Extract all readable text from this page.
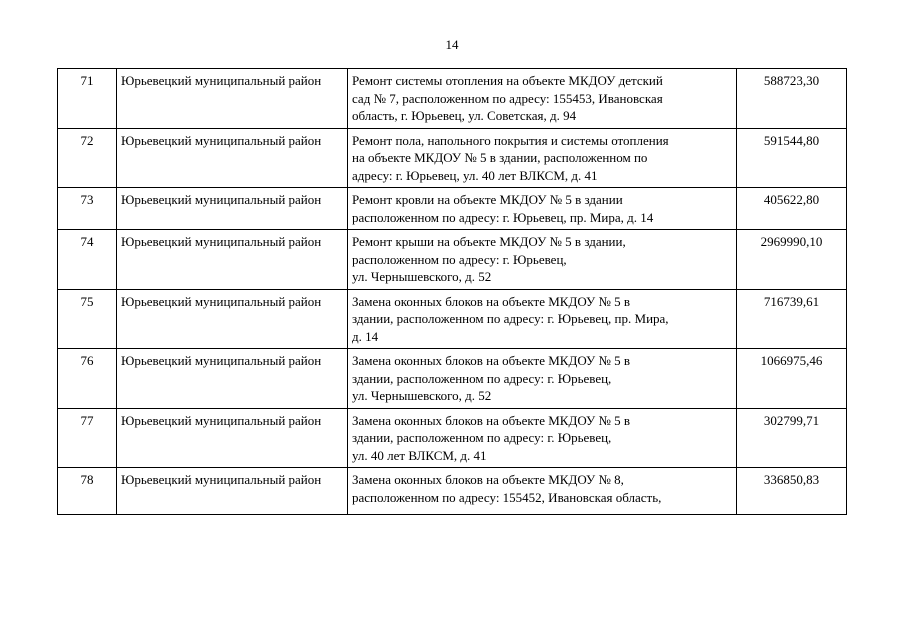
14
71	Юрьевецкий муниципальный район	Ремонт системы отопления на объекте МКДОУ детский
сад № 7, расположенном по адресу: 155453, Ивановская
область, г. Юрьевец, ул. Советская, д. 94	588723,30
72	Юрьевецкий муниципальный район	Ремонт пола, напольного покрытия и системы отопления
на объекте МКДОУ № 5 в здании, расположенном по
адресу: г. Юрьевец, ул. 40 лет ВЛКСМ, д. 41	591544,80
73	Юрьевецкий муниципальный район	Ремонт кровли на объекте МКДОУ № 5 в здании
расположенном по адресу: г. Юрьевец, пр. Мира, д. 14	405622,80
74	Юрьевецкий муниципальный район	Ремонт крыши на объекте МКДОУ № 5 в здании,
расположенном по адресу: г. Юрьевец,
ул. Чернышевского, д. 52	2969990,10
75	Юрьевецкий муниципальный район	Замена оконных блоков на объекте МКДОУ № 5 в
здании, расположенном по адресу: г. Юрьевец, пр. Мира,
д. 14	716739,61
76	Юрьевецкий муниципальный район	Замена оконных блоков на объекте МКДОУ № 5 в
здании, расположенном по адресу: г. Юрьевец,
ул. Чернышевского, д. 52	1066975,46
77	Юрьевецкий муниципальный район	Замена оконных блоков на объекте МКДОУ № 5 в
здании, расположенном по адресу: г. Юрьевец,
ул. 40 лет ВЛКСМ, д. 41	302799,71
78	Юрьевецкий муниципальный район	Замена оконных блоков на объекте МКДОУ № 8,
расположенном по адресу: 155452, Ивановская область,	336850,83
